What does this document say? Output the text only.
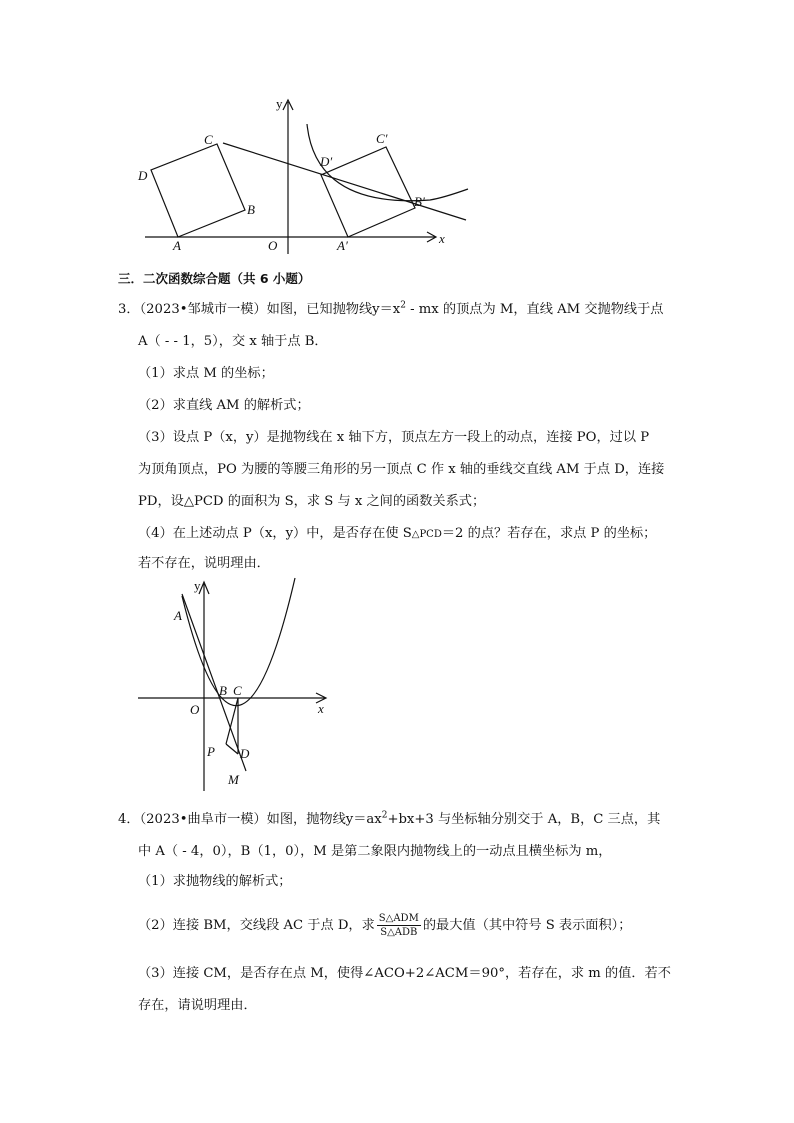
y
x
O
A
B
C
D
A′
B′
C′
D′
三．二次函数综合题（共 6 小题）
3．（2023•邹城市一模）如图，已知抛物线$y=x^2$ - mx 的顶点为 M，直线 AM 交抛物线于点
A（ - - 1，5），交 x 轴于点 B．
（1）求点 M 的坐标；
（2）求直线 AM 的解析式；
（3）设点 P（x，y）是抛物线在 x 轴下方，顶点左方一段上的动点，连接 PO，过以 P
为顶角顶点，PO 为腰的等腰三角形的另一顶点 C 作 x 轴的垂线交直线 AM 于点 D，连接
PD，设△PCD 的面积为 S，求 S 与 x 之间的函数关系式；
（4）在上述动点 P（x，y）中，是否存在使 S△PCD＝2 的点？若存在，求点 P 的坐标；
若不存在，说明理由．
y
x
O
A
B C
D
P
M
4．（2023•曲阜市一模）如图，抛物线$y=ax^2+bx+3$ 与坐标轴分别交于 A，B，C 三点，其
中 A（ - 4，0），B（1，0），M 是第二象限内抛物线上的一动点且横坐标为 m，
（1）求抛物线的解析式；
（2）连接 BM，交线段 AC 于点 D，求 $\frac{\text{S△ADM}}{\text{S△ADB}}$ 的最大值（其中符号 S 表示面积）；
（3）连接 CM，是否存在点 M，使得∠ACO+2∠ACM＝90°，若存在，求 m 的值．若不
存在，请说明理由．
